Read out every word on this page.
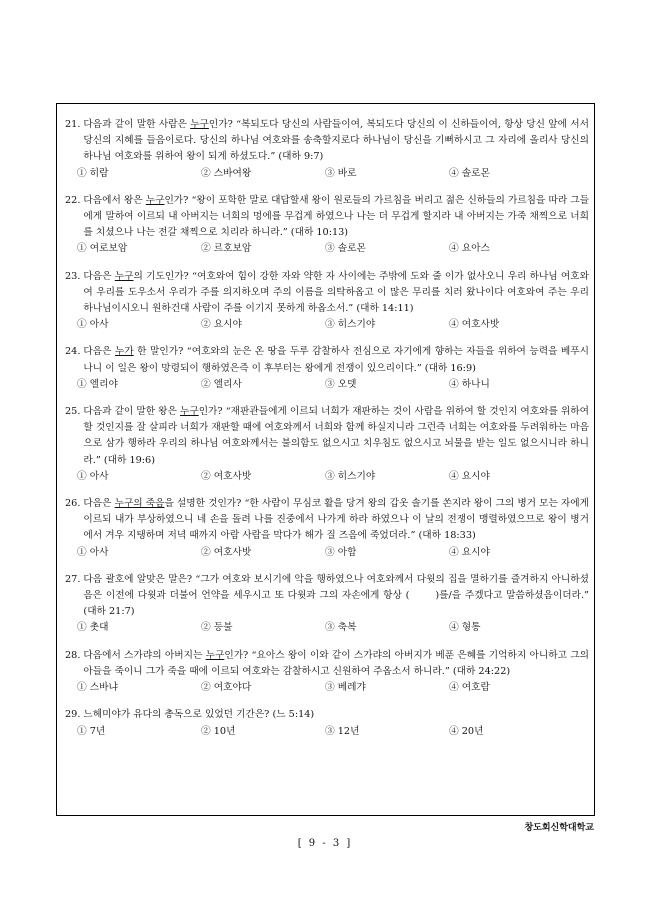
21. 다음과 같이 말한 사람은 누구인가? “복되도다 당신의 사람들이여, 복되도다 당신의 이 신하들이여, 항상 당신 앞에 서서 당신의 지혜를 들음이로다. 당신의 하나님 여호와를 송축할지로다 하나님이 당신을 기뻐하시고 그 자리에 올리사 당신의 하나님 여호와를 위하여 왕이 되게 하셨도다.” (대하 9:7)
① 히람	② 스바여왕	③ 바로	④ 솔로몬
22. 다음에서 왕은 누구인가? “왕이 포학한 말로 대답할새 왕이 원로들의 가르침을 버리고 젊은 신하들의 가르침을 따라 그들에게 말하여 이르되 내 아버지는 너희의 멍에를 무겁게 하였으나 나는 더 무겁게 할지라 내 아버지는 가죽 채찍으로 너희를 치셨으나 나는 전갈 채찍으로 치리라 하니라.” (대하 10:13)
① 여로보암	② 르호보암	③ 솔로몬	④ 요아스
23. 다음은 누구의 기도인가? “여호와여 힘이 강한 자와 약한 자 사이에는 주밖에 도와 줄 이가 없사오니 우리 하나님 여호와여 우리를 도우소서 우리가 주를 의지하오며 주의 이름을 의탁하옵고 이 많은 무리를 치러 왔나이다 여호와여 주는 우리 하나님이시오니 원하건대 사람이 주를 이기지 못하게 하옵소서.” (대하 14:11)
① 아사	② 요시야	③ 히스기야	④ 여호사밧
24. 다음은 누가 한 말인가? “여호와의 눈은 온 땅을 두루 감찰하사 전심으로 자기에게 향하는 자들을 위하여 능력을 베푸시나니 이 일은 왕이 망령되이 행하였은즉 이 후부터는 왕에게 전쟁이 있으리이다.” (대하 16:9)
① 엘리야	② 엘리사	③ 오뎃	④ 하나니
25. 다음과 같이 말한 왕은 누구인가? “재판관들에게 이르되 너희가 재판하는 것이 사람을 위하여 할 것인지 여호와를 위하여 할 것인지를 잘 살피라 너희가 재판할 때에 여호와께서 너희와 함께 하실지니라 그런즉 너희는 여호와를 두려워하는 마음으로 삼가 행하라 우리의 하나님 여호와께서는 불의함도 없으시고 치우침도 없으시고 뇌물을 받는 일도 없으시니라 하니라.” (대하 19:6)
① 아사	② 여호사밧	③ 히스기야	④ 요시야
26. 다음은 누구의 죽음을 설명한 것인가? “한 사람이 무심코 활을 당겨 왕의 갑옷 솔기를 쏜지라 왕이 그의 병거 모는 자에게 이르되 내가 부상하였으니 네 손을 돌려 나를 진중에서 나가게 하라 하였으나 이 날의 전쟁이 맹렬하였으므로 왕이 병거에서 겨우 지탱하며 저녁 때까지 아람 사람을 막다가 해가 질 즈음에 죽었더라.” (대하 18:33)
① 아사	② 여호사밧	③ 아합	④ 요시야
27. 다음 괄호에 알맞은 말은? “그가 여호와 보시기에 악을 행하였으나 여호와께서 다윗의 집을 멸하기를 즐겨하지 아니하셨음은 이전에 다윗과 더불어 언약을 세우시고 또 다윗과 그의 자손에게 항상 (	)를/을 주겠다고 말씀하셨음이더라.” (대하 21:7)
① 촛대	② 등불	③ 축복	④ 형통
28. 다음에서 스가랴의 아버지는 누구인가? “요아스 왕이 이와 같이 스가랴의 아버지가 베푼 은혜를 기억하지 아니하고 그의 아들을 죽이니 그가 죽을 때에 이르되 여호와는 감찰하시고 신원하여 주옵소서 하니라.” (대하 24:22)
① 스바냐	② 여호야다	③ 베레갸	④ 여호람
29. 느헤미야가 유다의 총독으로 있었던 기간은? (느 5:14)
① 7년	② 10년	③ 12년	④ 20년
창도회신학대학교
[ 9 - 3 ]
